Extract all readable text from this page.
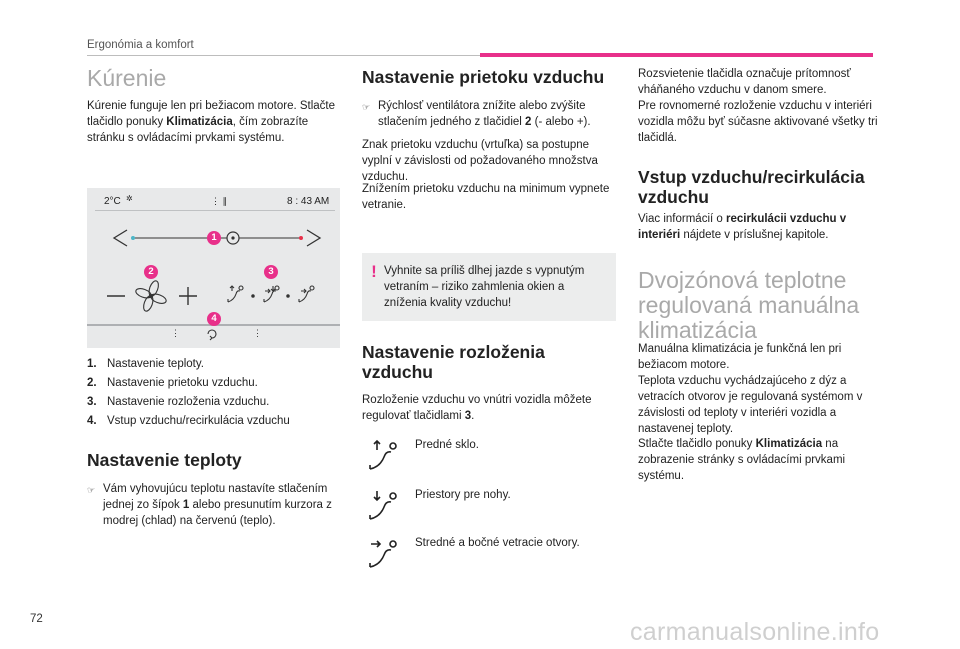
Ergonómia a komfort
Kúrenie

Kúrenie funguje len pri bežiacom motore. Stlačte tlačidlo ponuky Klimatizácia, čím zobrazíte stránku s ovládacími prvkami systému.

2°C ✲	⋮ ∥	8 : 43 AM
⋮	⋮
1
2	3
4
1. Nastavenie teploty.
2. Nastavenie prietoku vzduchu.
3. Nastavenie rozloženia vzduchu.
4. Vstup vzduchu/recirkulácia vzduchu
Nastavenie teploty
☞ Vám vyhovujúcu teplotu nastavíte stlačením jednej zo šípok 1 alebo presunutím kurzora z modrej (chlad) na červenú (teplo).
Nastavenie prietoku vzduchu
☞ Rýchlosť ventilátora znížite alebo zvýšite stlačením jedného z tlačidiel 2 (- alebo +).

Znak prietoku vzduchu (vrtuľka) sa postupne vyplní v závislosti od požadovaného množstva vzduchu.

Znížením prietoku vzduchu na minimum vypnete vetranie.

! Vyhnite sa príliš dlhej jazde s vypnutým vetraním – riziko zahmlenia okien a zníženia kvality vzduchu!
Nastavenie rozloženia vzduchu

Rozloženie vzduchu vo vnútri vozidla môžete regulovať tlačidlami 3.

Predné sklo.
Priestory pre nohy.
Stredné a bočné vetracie otvory.

Rozsvietenie tlačidla označuje prítomnosť vháňaného vzduchu v danom smere.

Pre rovnomerné rozloženie vzduchu v interiéri vozidla môžu byť súčasne aktivované všetky tri tlačidlá.

Vstup vzduchu/recirkulácia vzduchu

Viac informácií o recirkulácii vzduchu v interiéri nájdete v príslušnej kapitole.

Dvojzónová teplotne regulovaná manuálna klimatizácia

Manuálna klimatizácia je funkčná len pri bežiacom motore.

Teplota vzduchu vychádzajúceho z dýz a vetracích otvorov je regulovaná systémom v závislosti od teploty v interiéri vozidla a nastavenej teploty.

Stlačte tlačidlo ponuky Klimatizácia na zobrazenie stránky s ovládacími prvkami systému.

72	carmanualsonline.info
